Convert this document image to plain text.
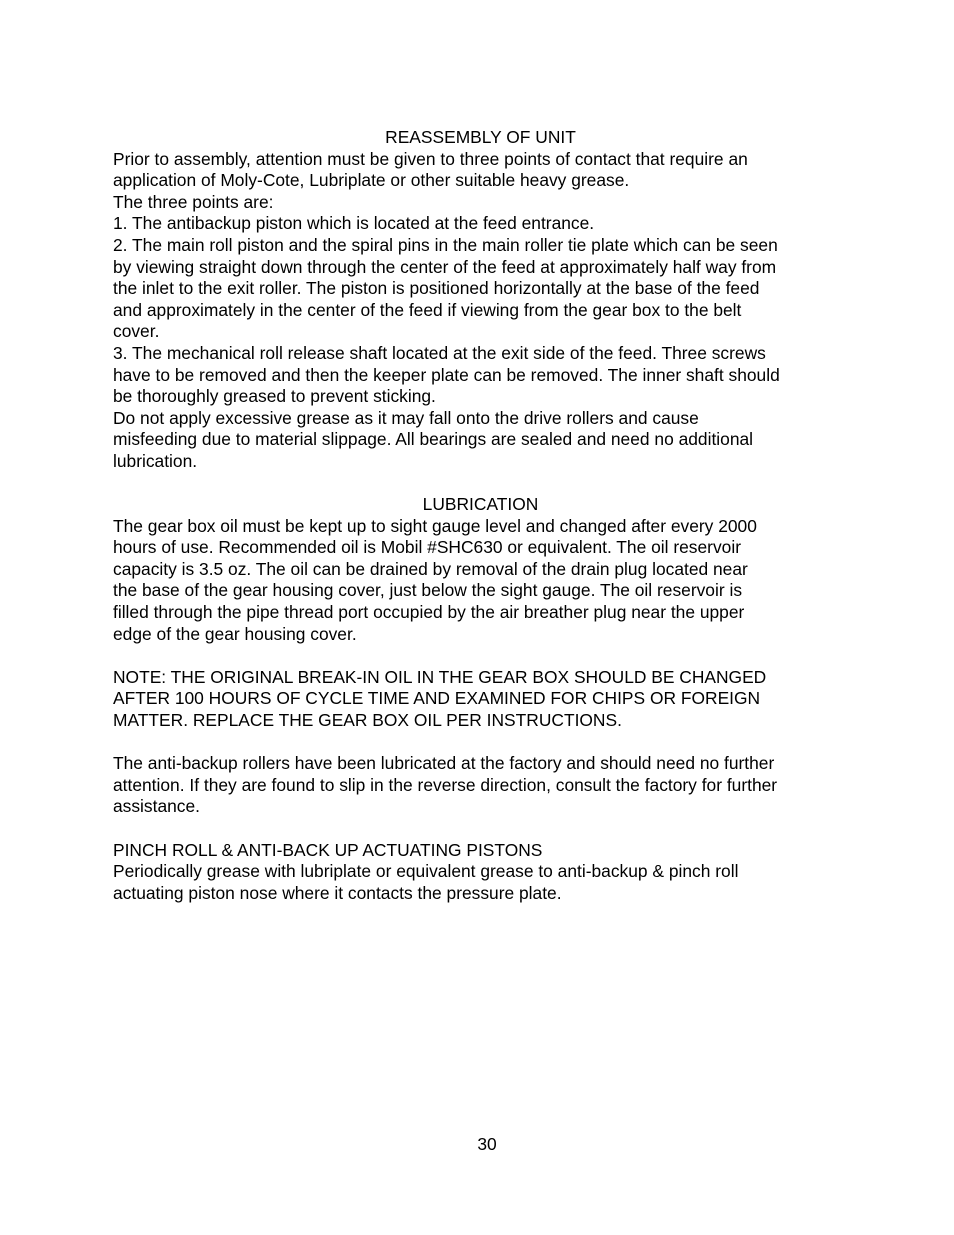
REASSEMBLY OF UNIT
Prior to assembly, attention must be given to three points of contact that require an
application of Moly-Cote, Lubriplate or other suitable heavy grease.
The three points are:
1. The antibackup piston which is located at the feed entrance.
2. The main roll piston and the spiral pins in the main roller tie plate which can be seen
by viewing straight down through the center of the feed at approximately half way from
the inlet to the exit roller. The piston is positioned horizontally at the base of the feed
and approximately in the center of the feed if viewing from the gear box to the belt
cover.
3. The mechanical roll release shaft located at the exit side of the feed. Three screws
have to be removed and then the keeper plate can be removed. The inner shaft should
be thoroughly greased to prevent sticking.
Do not apply excessive grease as it may fall onto the drive rollers and cause
misfeeding due to material slippage. All bearings are sealed and need no additional
lubrication.
LUBRICATION
The gear box oil must be kept up to sight gauge level and changed after every 2000
hours of use. Recommended oil is Mobil #SHC630 or equivalent. The oil reservoir
capacity is 3.5 oz. The oil can be drained by removal of the drain plug located near
the base of the gear housing cover, just below the sight gauge. The oil reservoir is
filled through the pipe thread port occupied by the air breather plug near the upper
edge of the gear housing cover.
NOTE: THE ORIGINAL BREAK-IN OIL IN THE GEAR BOX SHOULD BE CHANGED
AFTER 100 HOURS OF CYCLE TIME AND EXAMINED FOR CHIPS OR FOREIGN
MATTER. REPLACE THE GEAR BOX OIL PER INSTRUCTIONS.
The anti-backup rollers have been lubricated at the factory and should need no further
attention. If they are found to slip in the reverse direction, consult the factory for further
assistance.
PINCH ROLL & ANTI-BACK UP ACTUATING PISTONS
Periodically grease with lubriplate or equivalent grease to anti-backup & pinch roll
actuating piston nose where it contacts the pressure plate.
30
